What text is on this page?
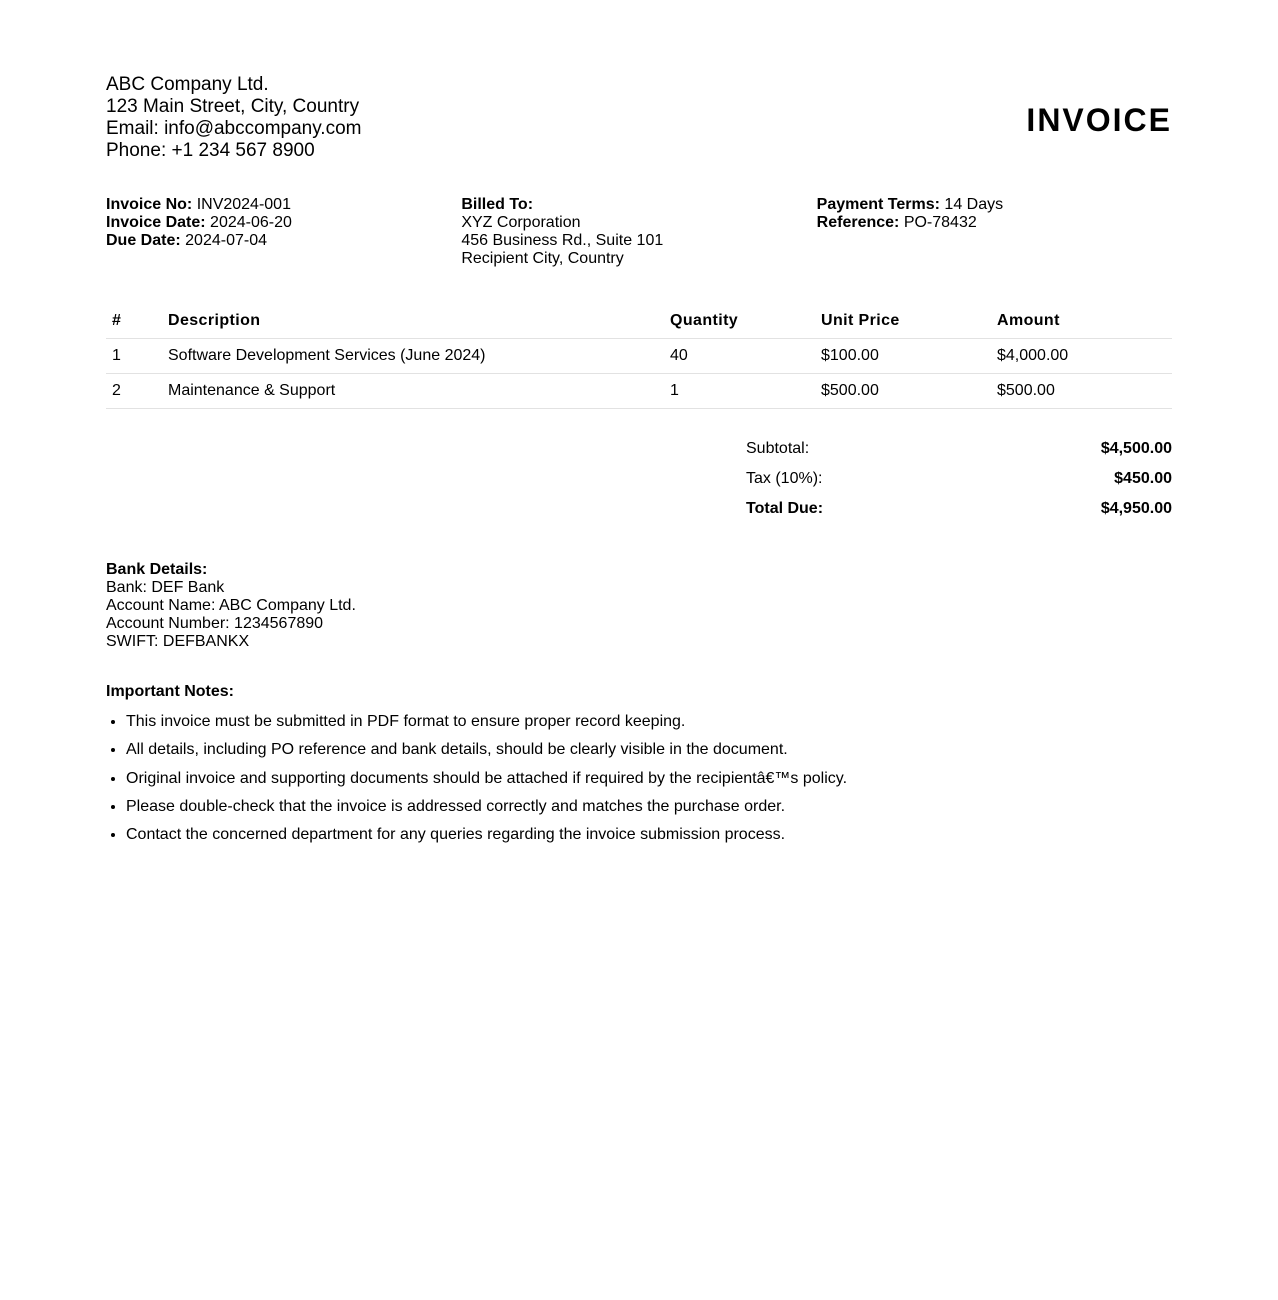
ABC Company Ltd.
123 Main Street, City, Country
Email: info@abccompany.com
Phone: +1 234 567 8900
INVOICE
Invoice No: INV2024-001
Invoice Date: 2024-06-20
Due Date: 2024-07-04
Billed To:
XYZ Corporation
456 Business Rd., Suite 101
Recipient City, Country
Payment Terms: 14 Days
Reference: PO-78432
#	Description	Quantity	Unit Price	Amount
1	Software Development Services (June 2024)	40	$100.00	$4,000.00
2	Maintenance & Support	1	$500.00	$500.00
Subtotal:	$4,500.00
Tax (10%):	$450.00
Total Due:	$4,950.00
Bank Details:
Bank: DEF Bank
Account Name: ABC Company Ltd.
Account Number: 1234567890
SWIFT: DEFBANKX
Important Notes:
• This invoice must be submitted in PDF format to ensure proper record keeping.
• All details, including PO reference and bank details, should be clearly visible in the document.
• Original invoice and supporting documents should be attached if required by the recipientâ€™s policy.
• Please double-check that the invoice is addressed correctly and matches the purchase order.
• Contact the concerned department for any queries regarding the invoice submission process.
